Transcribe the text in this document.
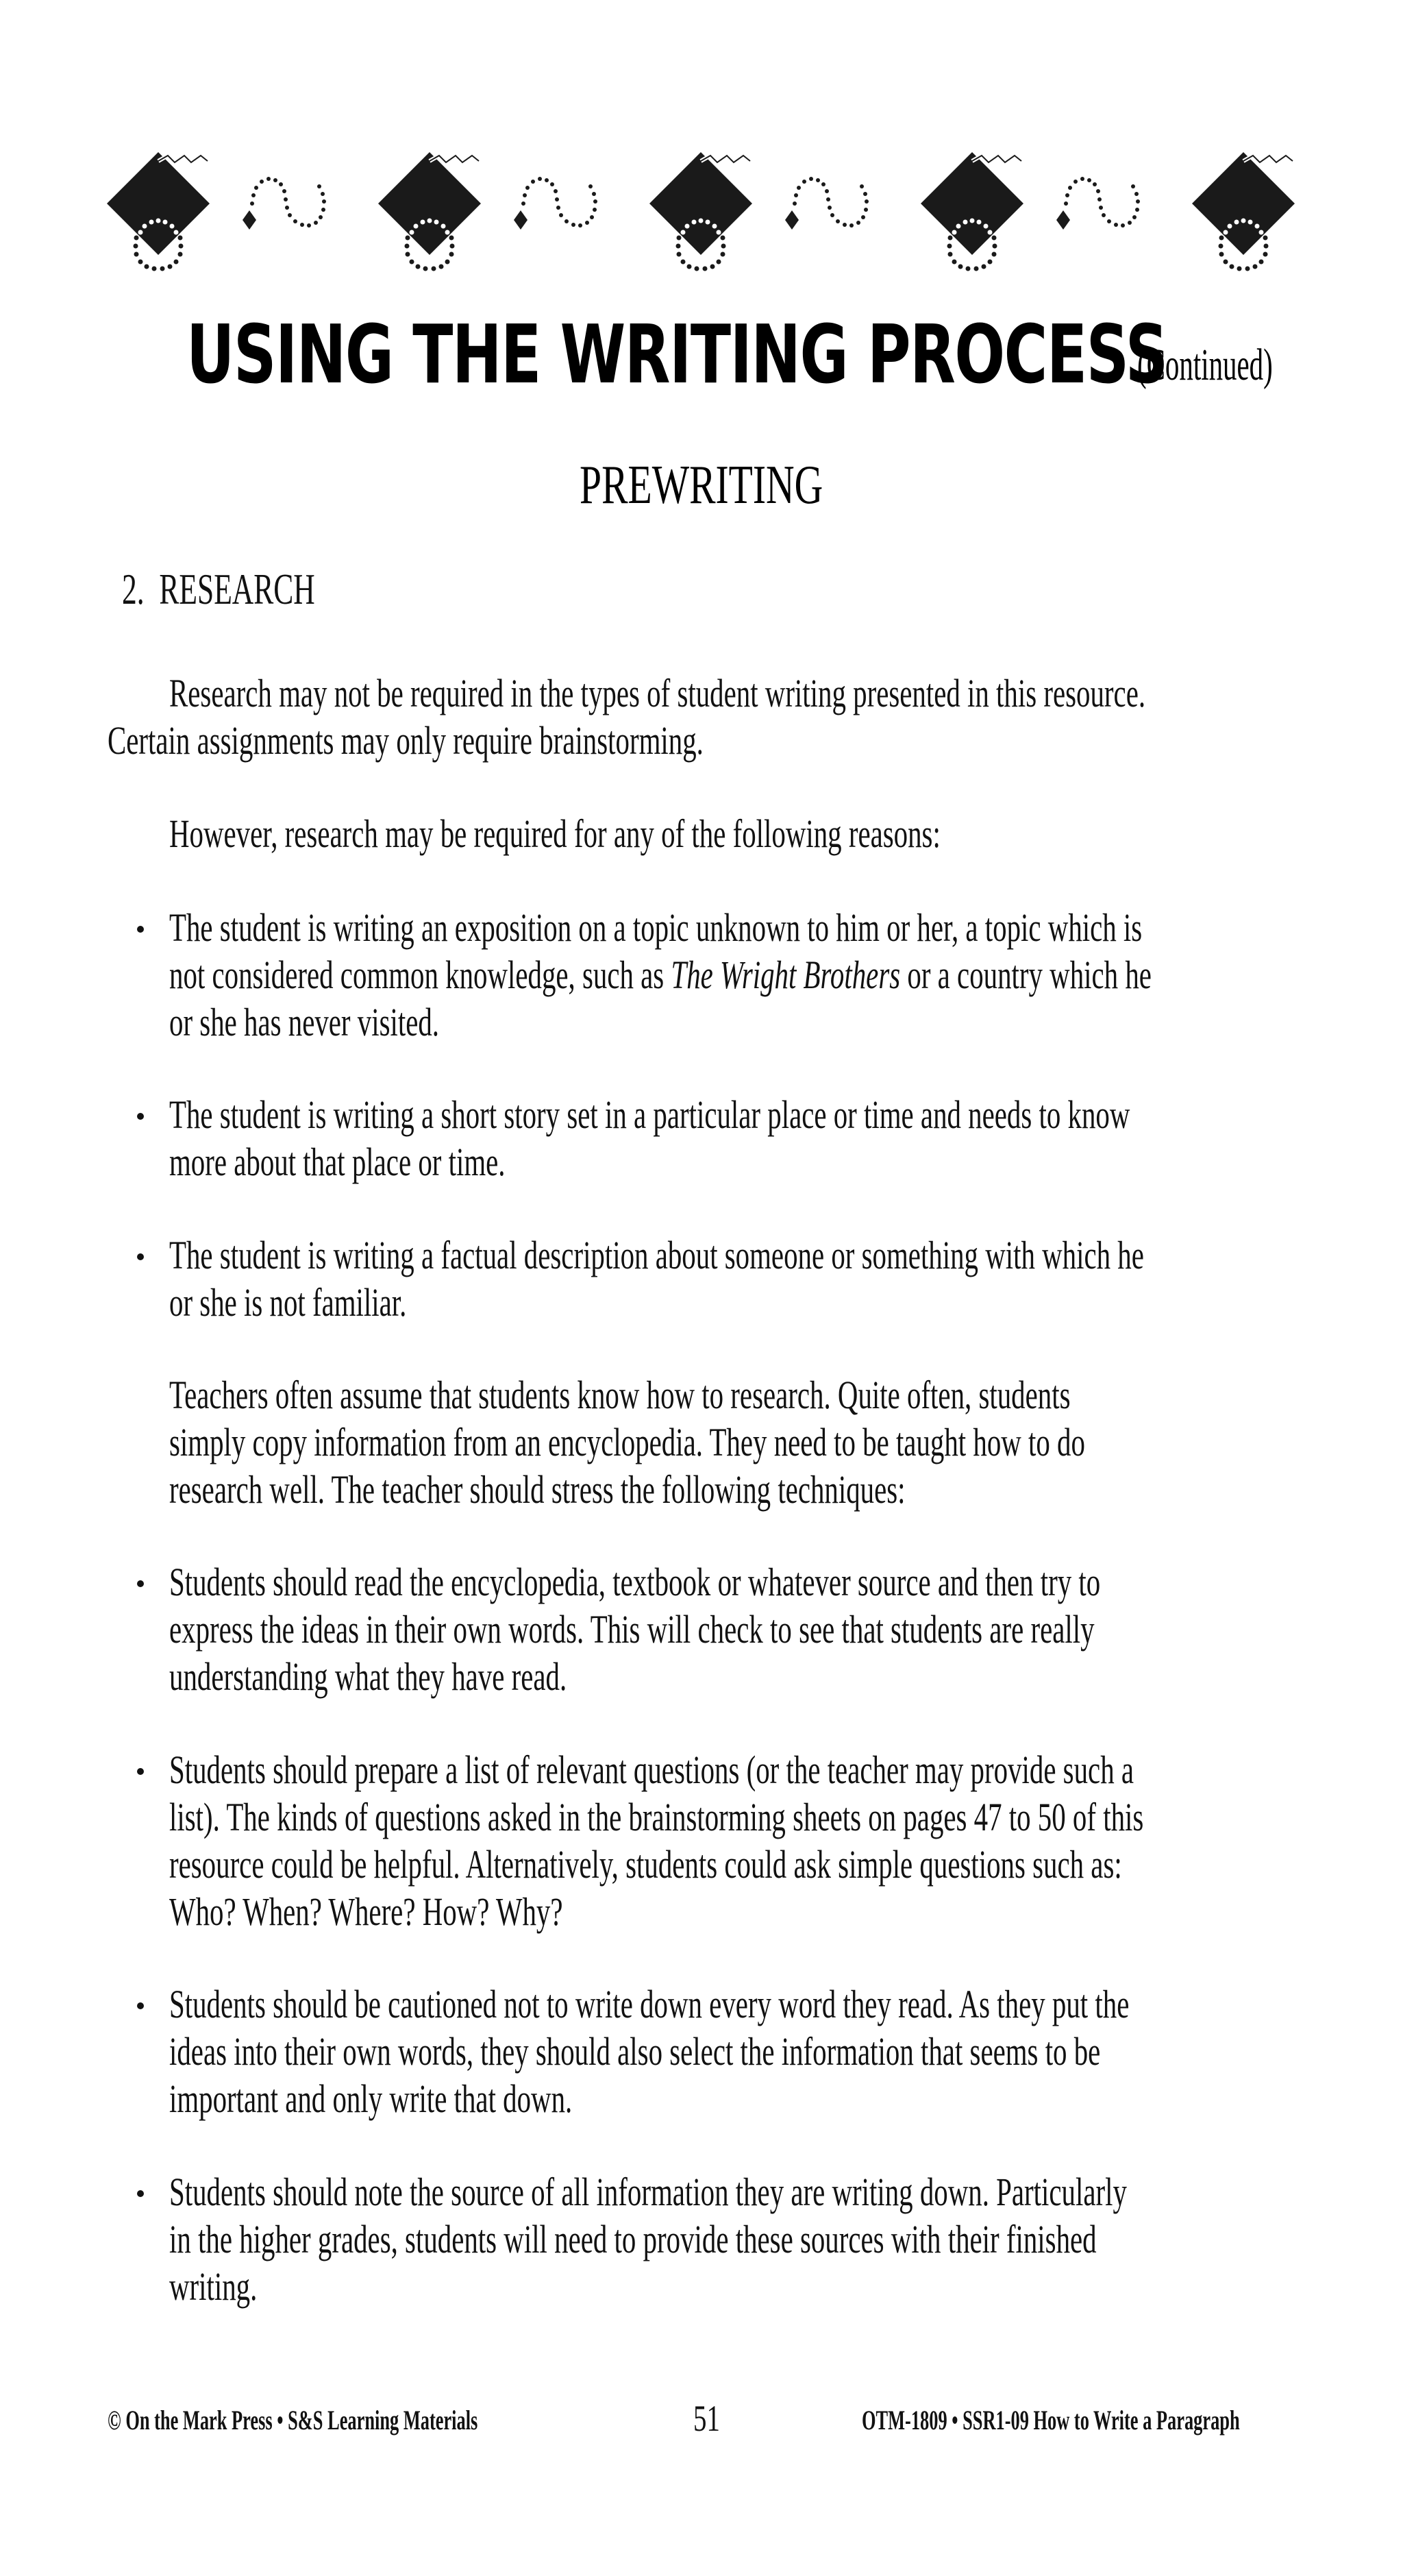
USING THE WRITING PROCESS
(Continued)
PREWRITING
2. RESEARCH
Research may not be required in the types of student writing presented in this resource.
Certain assignments may only require brainstorming.
However, research may be required for any of the following reasons:
The student is writing an exposition on a topic unknown to him or her, a topic which is
not considered common knowledge, such as The Wright Brothers or a country which he
or she has never visited.
The student is writing a short story set in a particular place or time and needs to know
more about that place or time.
The student is writing a factual description about someone or something with which he
or she is not familiar.
Teachers often assume that students know how to research. Quite often, students
simply copy information from an encyclopedia. They need to be taught how to do
research well. The teacher should stress the following techniques:
Students should read the encyclopedia, textbook or whatever source and then try to
express the ideas in their own words. This will check to see that students are really
understanding what they have read.
Students should prepare a list of relevant questions (or the teacher may provide such a
list). The kinds of questions asked in the brainstorming sheets on pages 47 to 50 of this
resource could be helpful. Alternatively, students could ask simple questions such as:
Who? When? Where? How? Why?
Students should be cautioned not to write down every word they read. As they put the
ideas into their own words, they should also select the information that seems to be
important and only write that down.
Students should note the source of all information they are writing down. Particularly
in the higher grades, students will need to provide these sources with their finished
writing.
© On the Mark Press • S&S Learning Materials	51	OTM-1809 • SSR1-09 How to Write a Paragraph
